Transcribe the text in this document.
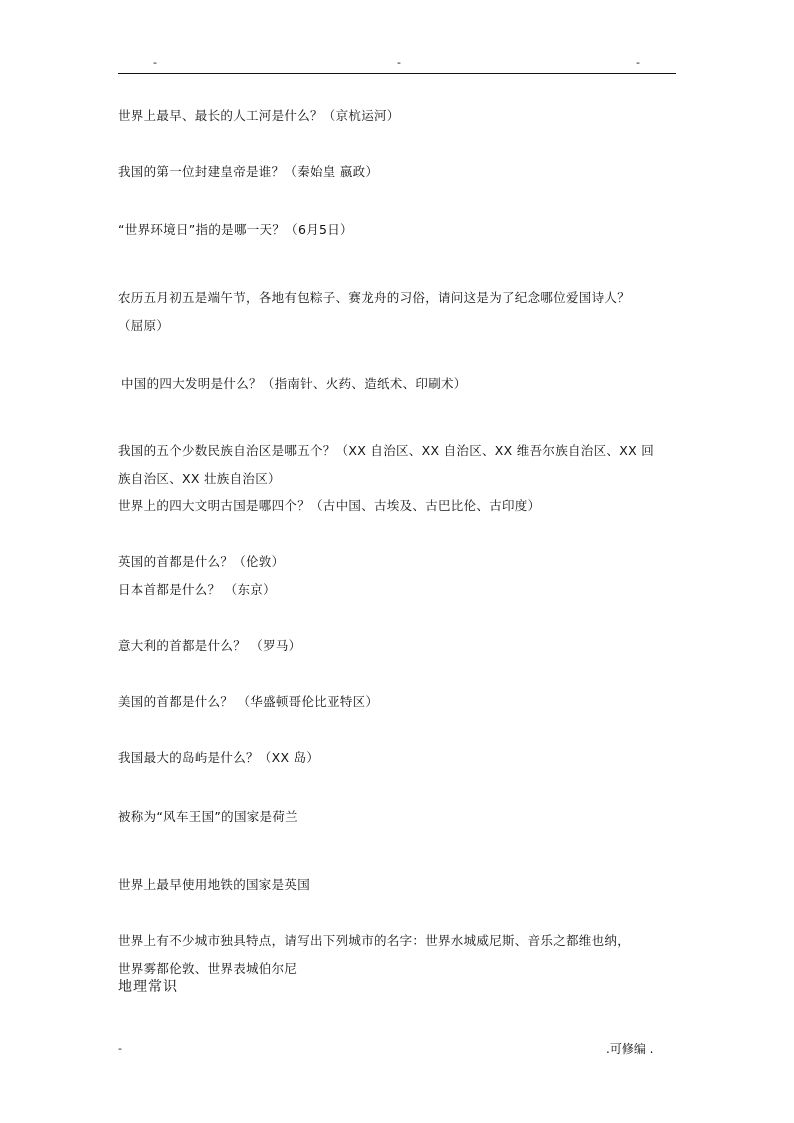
-	-	-
世界上最早、最长的人工河是什么？（京杭运河）
我国的第一位封建皇帝是谁？（秦始皇 嬴政）
“世界环境日”指的是哪一天？（6月5日）
农历五月初五是端午节，各地有包粽子、赛龙舟的习俗，请问这是为了纪念哪位爱国诗人？
（屈原）
中国的四大发明是什么？（指南针、火药、造纸术、印刷术）
我国的五个少数民族自治区是哪五个？（XX 自治区、XX 自治区、XX 维吾尔族自治区、XX 回
族自治区、XX 壮族自治区）
世界上的四大文明古国是哪四个？（古中国、古埃及、古巴比伦、古印度）
英国的首都是什么？（伦敦）
日本首都是什么？ （东京）
意大利的首都是什么？ （罗马）
美国的首都是什么？ （华盛顿哥伦比亚特区）
我国最大的岛屿是什么？（XX 岛）
被称为“风车王国”的国家是荷兰
世界上最早使用地铁的国家是英国
世界上有不少城市独具特点，请写出下列城市的名字：世界水城威尼斯、音乐之都维也纳，
世界雾都伦敦、世界表城伯尔尼
地理常识
-	.可修编 .
